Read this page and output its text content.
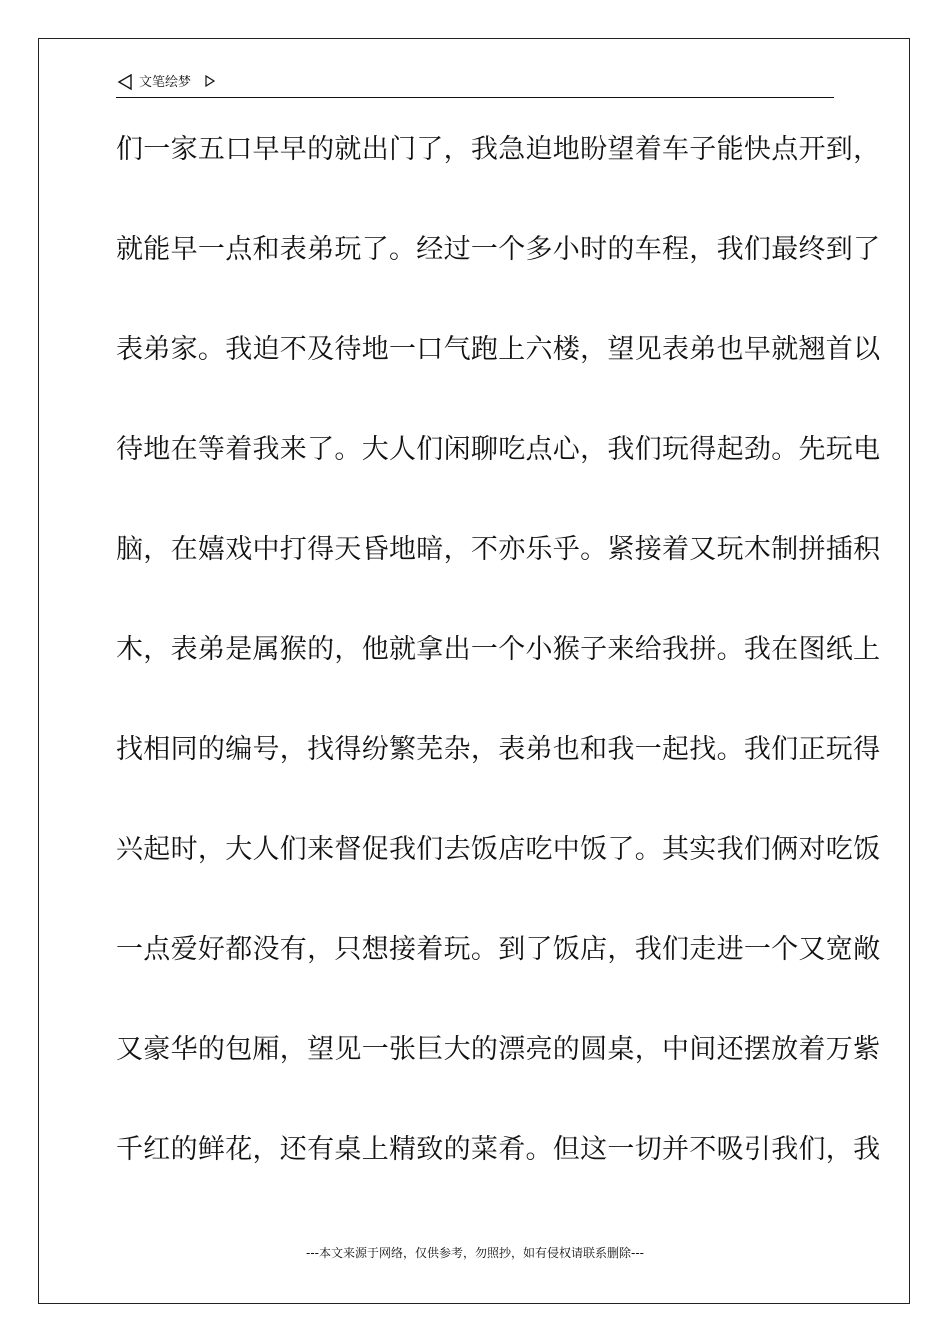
文笔绘梦
们一家五口早早的就出门了，我急迫地盼望着车子能快点开到，
就能早一点和表弟玩了。经过一个多小时的车程，我们最终到了
表弟家。我迫不及待地一口气跑上六楼，望见表弟也早就翘首以
待地在等着我来了。大人们闲聊吃点心，我们玩得起劲。先玩电
脑，在嬉戏中打得天昏地暗，不亦乐乎。紧接着又玩木制拼插积
木，表弟是属猴的，他就拿出一个小猴子来给我拼。我在图纸上
找相同的编号，找得纷繁芜杂，表弟也和我一起找。我们正玩得
兴起时，大人们来督促我们去饭店吃中饭了。其实我们俩对吃饭
一点爱好都没有，只想接着玩。到了饭店，我们走进一个又宽敞
又豪华的包厢，望见一张巨大的漂亮的圆桌，中间还摆放着万紫
千红的鲜花，还有桌上精致的菜肴。但这一切并不吸引我们，我
---本文来源于网络，仅供参考，勿照抄，如有侵权请联系删除---
